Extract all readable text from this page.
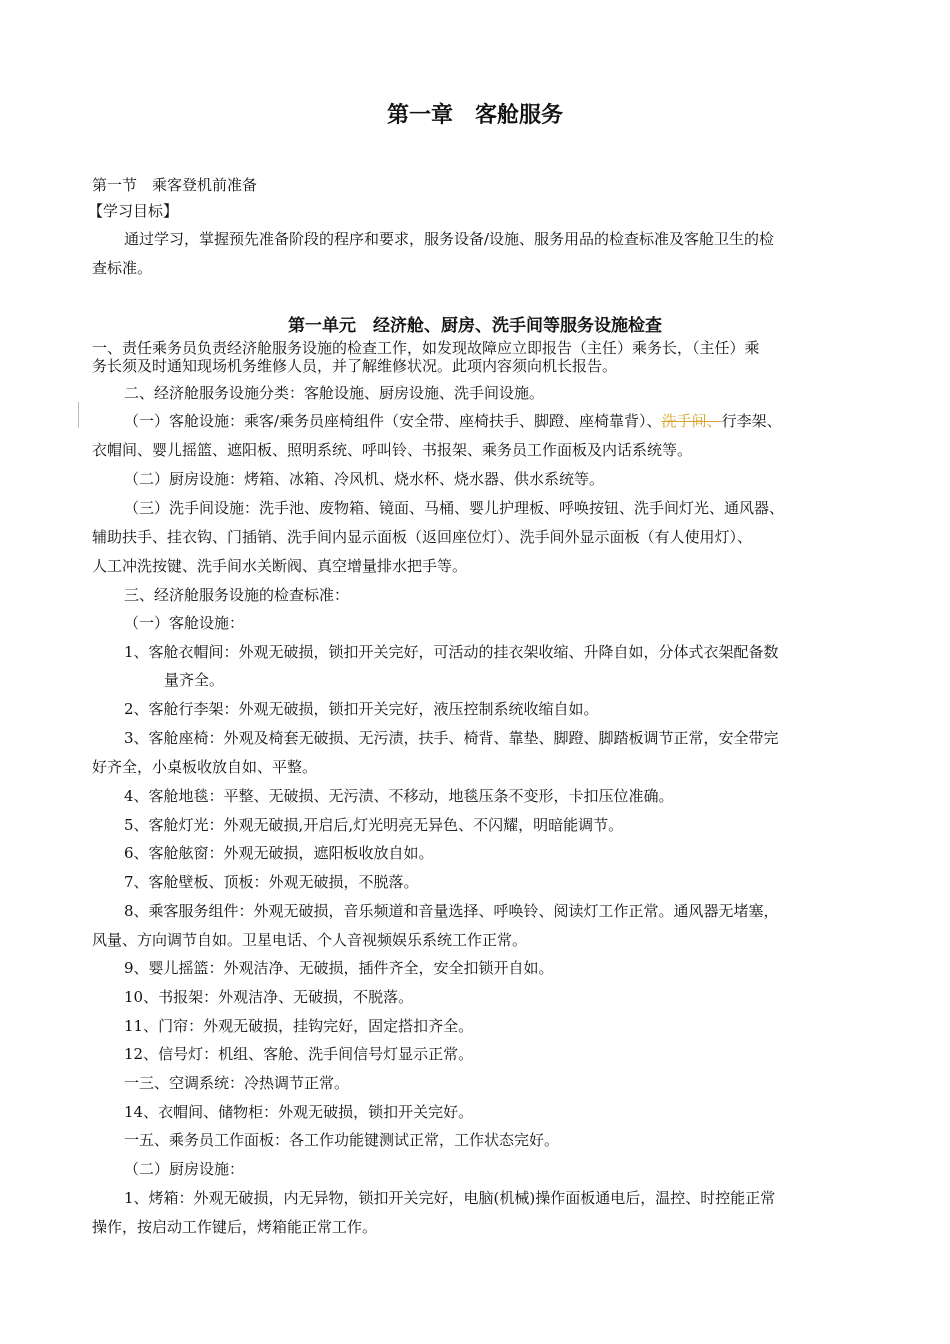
第一章　客舱服务
第一节　乘客登机前准备
【学习目标】
通过学习，掌握预先准备阶段的程序和要求，服务设备/设施、服务用品的检查标准及客舱卫生的检
查标准。
第一单元　经济舱、厨房、洗手间等服务设施检查
一、责任乘务员负责经济舱服务设施的检查工作，如发现故障应立即报告（主任）乘务长，（主任）乘
务长须及时通知现场机务维修人员，并了解维修状况。此项内容须向机长报告。
二、经济舱服务设施分类：客舱设施、厨房设施、洗手间设施。
（一）客舱设施：乘客/乘务员座椅组件（安全带、座椅扶手、脚蹬、座椅靠背）、洗手间、行李架、
衣帽间、婴儿摇篮、遮阳板、照明系统、呼叫铃、书报架、乘务员工作面板及内话系统等。
（二）厨房设施：烤箱、冰箱、冷风机、烧水杯、烧水器、供水系统等。
（三）洗手间设施：洗手池、废物箱、镜面、马桶、婴儿护理板、呼唤按钮、洗手间灯光、通风器、
辅助扶手、挂衣钩、门插销、洗手间内显示面板（返回座位灯）、洗手间外显示面板（有人使用灯）、
人工冲洗按键、洗手间水关断阀、真空增量排水把手等。
三、经济舱服务设施的检查标准：
（一）客舱设施：
1、客舱衣帽间：外观无破损，锁扣开关完好，可活动的挂衣架收缩、升降自如，分体式衣架配备数
量齐全。
2、客舱行李架：外观无破损，锁扣开关完好，液压控制系统收缩自如。
3、客舱座椅：外观及椅套无破损、无污渍，扶手、椅背、靠垫、脚蹬、脚踏板调节正常，安全带完
好齐全，小桌板收放自如、平整。
4、客舱地毯：平整、无破损、无污渍、不移动，地毯压条不变形，卡扣压位准确。
5、客舱灯光：外观无破损,开启后,灯光明亮无异色、不闪耀，明暗能调节。
6、客舱舷窗：外观无破损，遮阳板收放自如。
7、客舱壁板、顶板：外观无破损，不脱落。
8、乘客服务组件：外观无破损，音乐频道和音量选择、呼唤铃、阅读灯工作正常。通风器无堵塞，
风量、方向调节自如。卫星电话、个人音视频娱乐系统工作正常。
9、婴儿摇篮：外观洁净、无破损，插件齐全，安全扣锁开自如。
10、书报架：外观洁净、无破损，不脱落。
11、门帘：外观无破损，挂钩完好，固定搭扣齐全。
12、信号灯：机组、客舱、洗手间信号灯显示正常。
一三、空调系统：冷热调节正常。
14、衣帽间、储物柜：外观无破损，锁扣开关完好。
一五、乘务员工作面板：各工作功能键测试正常，工作状态完好。
（二）厨房设施：
1、烤箱：外观无破损，内无异物，锁扣开关完好，电脑(机械)操作面板通电后，温控、时控能正常
操作，按启动工作键后，烤箱能正常工作。
